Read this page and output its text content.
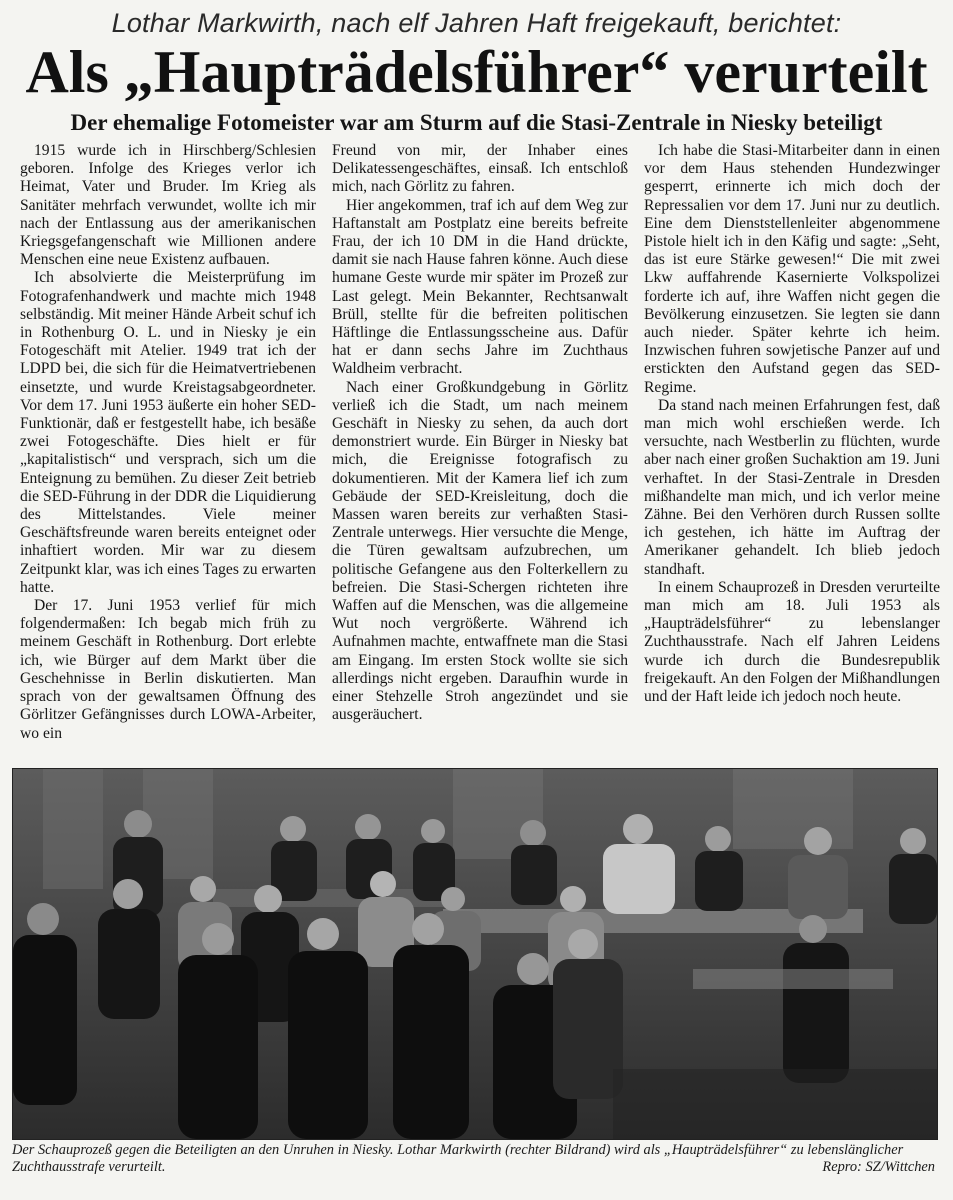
Lothar Markwirth, nach elf Jahren Haft freigekauft, berichtet:
Als „Haupträdelsführer“ verurteilt
Der ehemalige Fotomeister war am Sturm auf die Stasi-Zentrale in Niesky beteiligt

1915 wurde ich in Hirschberg/Schlesien geboren. Infolge des Krieges verlor ich Heimat, Vater und Bruder. Im Krieg als Sanitäter mehrfach verwundet, wollte ich mir nach der Entlassung aus der amerikanischen Kriegsgefangenschaft wie Millionen andere Menschen eine neue Existenz aufbauen.

Ich absolvierte die Meisterprüfung im Fotografenhandwerk und machte mich 1948 selbständig. Mit meiner Hände Arbeit schuf ich in Rothenburg O. L. und in Niesky je ein Fotogeschäft mit Atelier. 1949 trat ich der LDPD bei, die sich für die Heimatvertriebenen einsetzte, und wurde Kreistagsabgeordneter. Vor dem 17. Juni 1953 äußerte ein hoher SED-Funktionär, daß er festgestellt habe, ich besäße zwei Fotogeschäfte. Dies hielt er für „kapitalistisch“ und versprach, sich um die Enteignung zu bemühen. Zu dieser Zeit betrieb die SED-Führung in der DDR die Liquidierung des Mittelstandes. Viele meiner Geschäftsfreunde waren bereits enteignet oder inhaftiert worden. Mir war zu diesem Zeitpunkt klar, was ich eines Tages zu erwarten hatte.

Der 17. Juni 1953 verlief für mich folgendermaßen: Ich begab mich früh zu meinem Geschäft in Rothenburg. Dort erlebte ich, wie Bürger auf dem Markt über die Geschehnisse in Berlin diskutierten. Man sprach von der gewaltsamen Öffnung des Görlitzer Gefängnisses durch LOWA-Arbeiter, wo ein

Freund von mir, der Inhaber eines Delikatessengeschäftes, einsaß. Ich entschloß mich, nach Görlitz zu fahren.

Hier angekommen, traf ich auf dem Weg zur Haftanstalt am Postplatz eine bereits befreite Frau, der ich 10 DM in die Hand drückte, damit sie nach Hause fahren könne. Auch diese humane Geste wurde mir später im Prozeß zur Last gelegt. Mein Bekannter, Rechtsanwalt Brüll, stellte für die befreiten politischen Häftlinge die Entlassungsscheine aus. Dafür hat er dann sechs Jahre im Zuchthaus Waldheim verbracht.

Nach einer Großkundgebung in Görlitz verließ ich die Stadt, um nach meinem Geschäft in Niesky zu sehen, da auch dort demonstriert wurde. Ein Bürger in Niesky bat mich, die Ereignisse fotografisch zu dokumentieren. Mit der Kamera lief ich zum Gebäude der SED-Kreisleitung, doch die Massen waren bereits zur verhaßten Stasi-Zentrale unterwegs. Hier versuchte die Menge, die Türen gewaltsam aufzubrechen, um politische Gefangene aus den Folterkellern zu befreien. Die Stasi-Schergen richteten ihre Waffen auf die Menschen, was die allgemeine Wut noch vergrößerte. Während ich Aufnahmen machte, entwaffnete man die Stasi am Eingang. Im ersten Stock wollte sie sich allerdings nicht ergeben. Daraufhin wurde in einer Stehzelle Stroh angezündet und sie ausgeräuchert.

Ich habe die Stasi-Mitarbeiter dann in einen vor dem Haus stehenden Hundezwinger gesperrt, erinnerte ich mich doch der Repressalien vor dem 17. Juni nur zu deutlich. Eine dem Dienststellenleiter abgenommene Pistole hielt ich in den Käfig und sagte: „Seht, das ist eure Stärke gewesen!“ Die mit zwei Lkw auffahrende Kasernierte Volkspolizei forderte ich auf, ihre Waffen nicht gegen die Bevölkerung einzusetzen. Sie legten sie dann auch nieder. Später kehrte ich heim. Inzwischen fuhren sowjetische Panzer auf und erstickten den Aufstand gegen das SED-Regime.

Da stand nach meinen Erfahrungen fest, daß man mich wohl erschießen werde. Ich versuchte, nach Westberlin zu flüchten, wurde aber nach einer großen Suchaktion am 19. Juni verhaftet. In der Stasi-Zentrale in Dresden mißhandelte man mich, und ich verlor meine Zähne. Bei den Verhören durch Russen sollte ich gestehen, ich hätte im Auftrag der Amerikaner gehandelt. Ich blieb jedoch standhaft.

In einem Schauprozeß in Dresden verurteilte man mich am 18. Juli 1953 als „Haupträdelsführer“ zu lebenslanger Zuchthausstrafe. Nach elf Jahren Leidens wurde ich durch die Bundesrepublik freigekauft. An den Folgen der Mißhandlungen und der Haft leide ich jedoch noch heute.

Der Schauprozeß gegen die Beteiligten an den Unruhen in Niesky. Lothar Markwirth (rechter Bildrand) wird als „Haupträdelsführer“ zu lebenslänglicher Zuchthausstrafe verurteilt.	Repro: SZ/Wittchen
